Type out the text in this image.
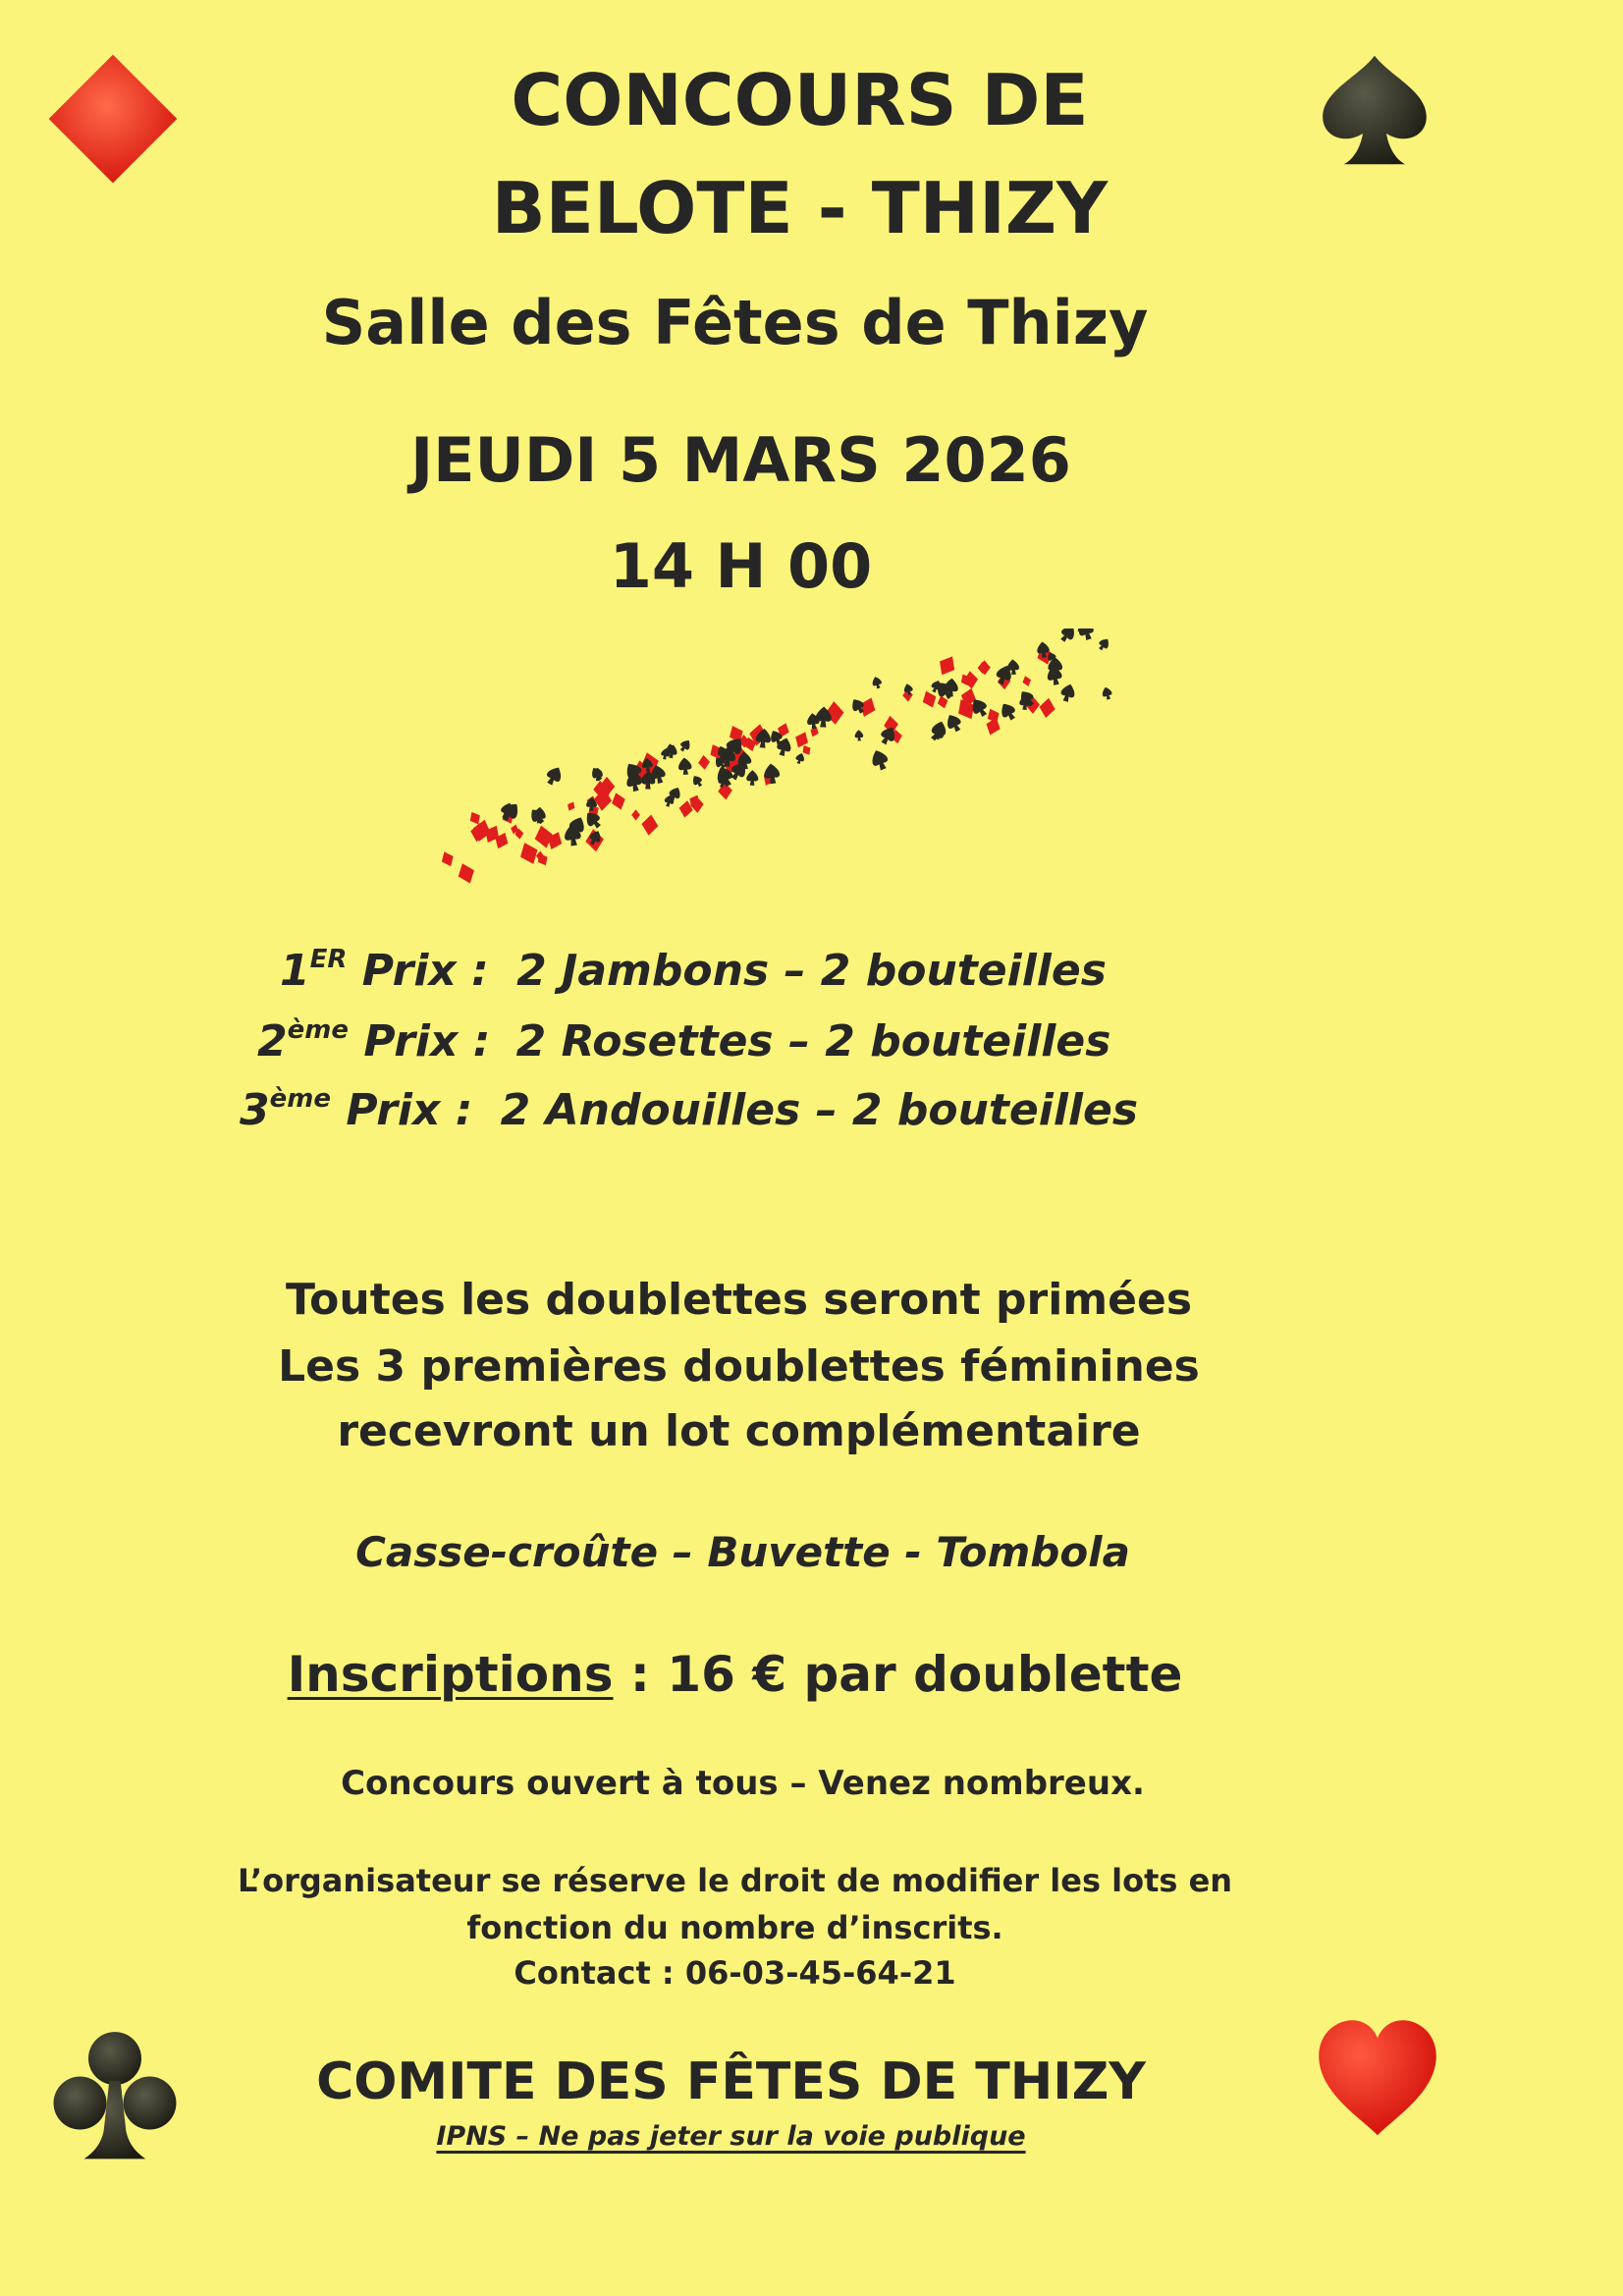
CONCOURS DE
BELOTE - THIZY
Salle des Fêtes de Thizy
JEUDI 5 MARS 2026
14 H 00
1ER Prix : 2 Jambons – 2 bouteilles
2ème Prix : 2 Rosettes – 2 bouteilles
3ème Prix : 2 Andouilles – 2 bouteilles
Toutes les doublettes seront primées
Les 3 premières doublettes féminines
recevront un lot complémentaire
Casse-croûte – Buvette - Tombola
Inscriptions : 16 € par doublette
Concours ouvert à tous – Venez nombreux.
L’organisateur se réserve le droit de modifier les lots en
fonction du nombre d’inscrits.
Contact : 06-03-45-64-21
COMITE DES FÊTES DE THIZY
IPNS – Ne pas jeter sur la voie publique
